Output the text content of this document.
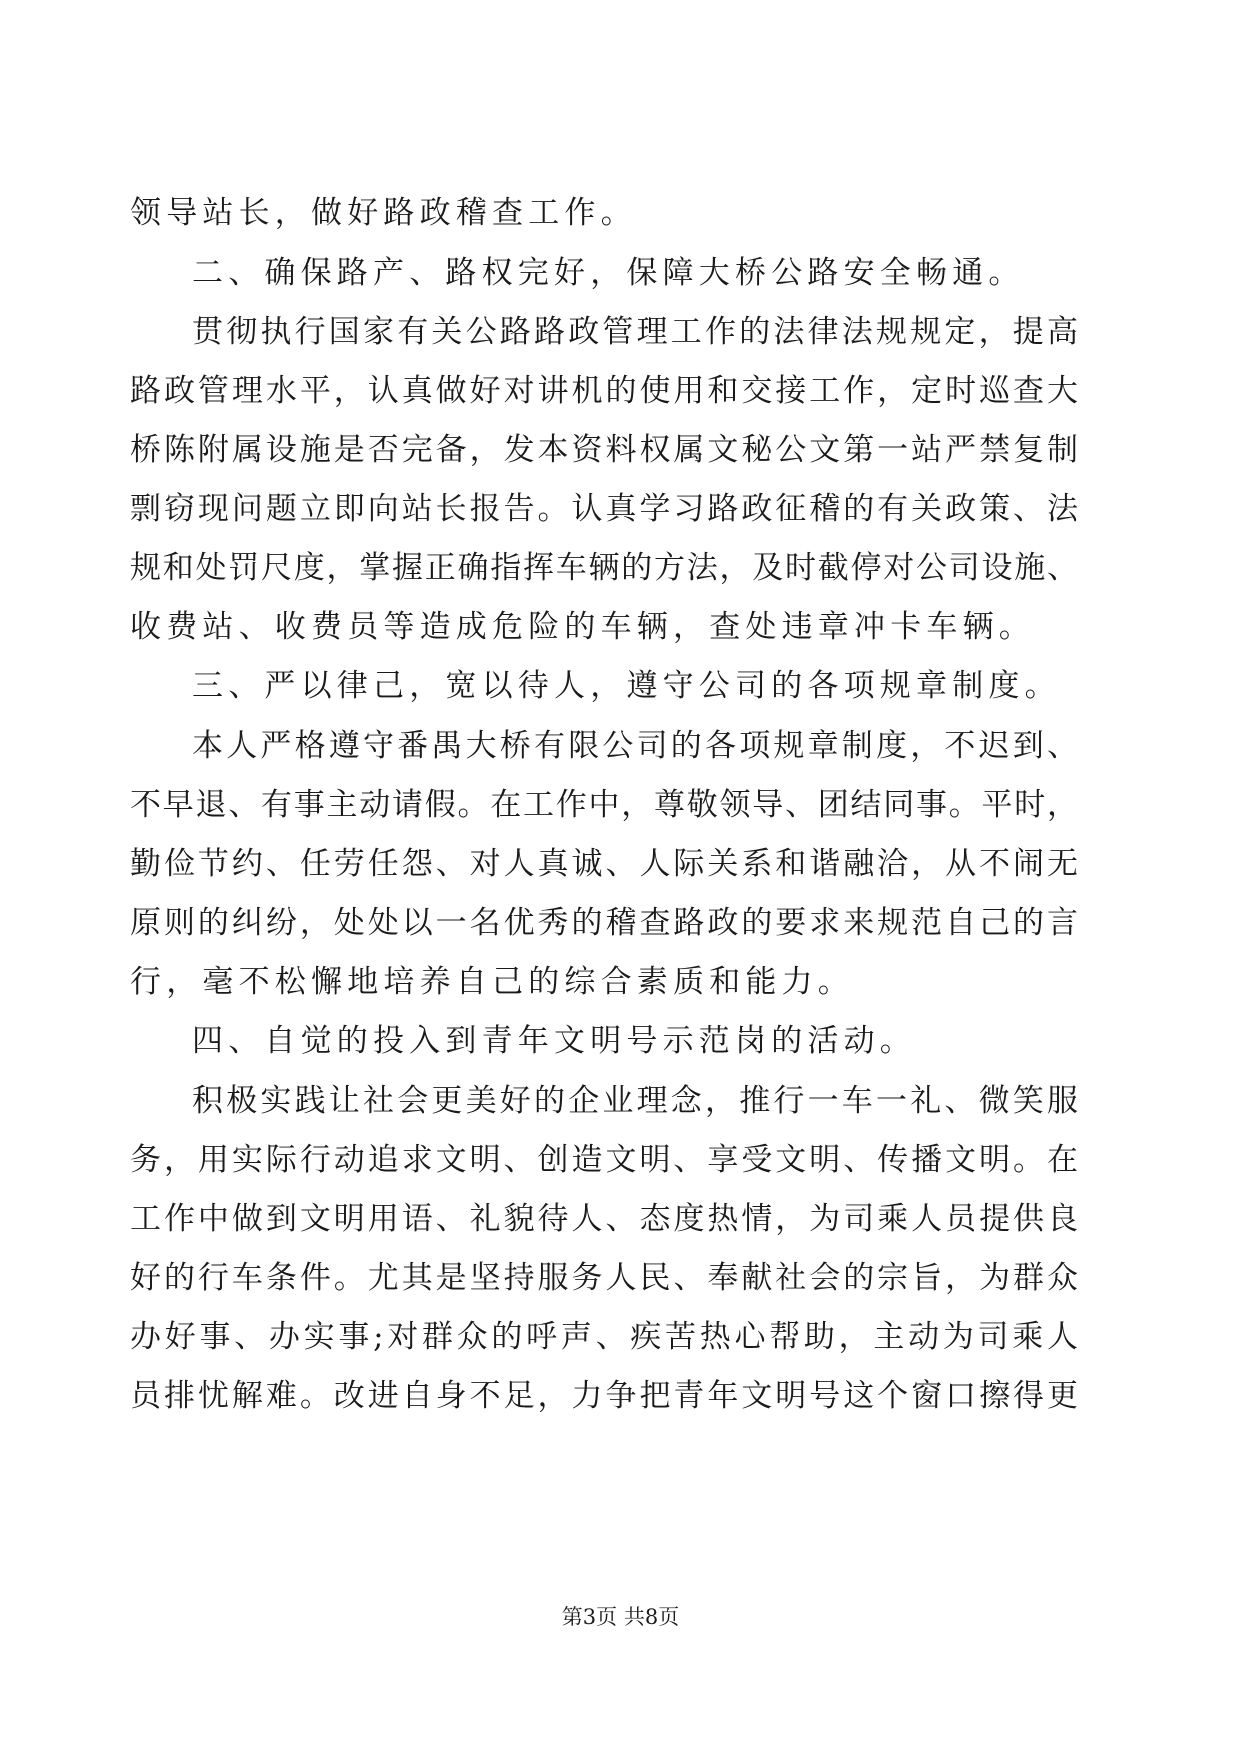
领导站长，做好路政稽查工作。
二、确保路产、路权完好，保障大桥公路安全畅通。
贯彻执行国家有关公路路政管理工作的法律法规规定，提高
路政管理水平，认真做好对讲机的使用和交接工作，定时巡查大
桥陈附属设施是否完备，发本资料权属文秘公文第一站严禁复制
剽窃现问题立即向站长报告。认真学习路政征稽的有关政策、法
规和处罚尺度，掌握正确指挥车辆的方法，及时截停对公司设施、
收费站、收费员等造成危险的车辆，查处违章冲卡车辆。
三、严以律己，宽以待人，遵守公司的各项规章制度。
本人严格遵守番禺大桥有限公司的各项规章制度，不迟到、
不早退、有事主动请假。在工作中，尊敬领导、团结同事。平时，
勤俭节约、任劳任怨、对人真诚、人际关系和谐融洽，从不闹无
原则的纠纷，处处以一名优秀的稽查路政的要求来规范自己的言
行，毫不松懈地培养自己的综合素质和能力。
四、自觉的投入到青年文明号示范岗的活动。
积极实践让社会更美好的企业理念，推行一车一礼、微笑服
务，用实际行动追求文明、创造文明、享受文明、传播文明。在
工作中做到文明用语、礼貌待人、态度热情，为司乘人员提供良
好的行车条件。尤其是坚持服务人民、奉献社会的宗旨，为群众
办好事、办实事;对群众的呼声、疾苦热心帮助，主动为司乘人
员排忧解难。改进自身不足，力争把青年文明号这个窗口擦得更
第3页 共8页
